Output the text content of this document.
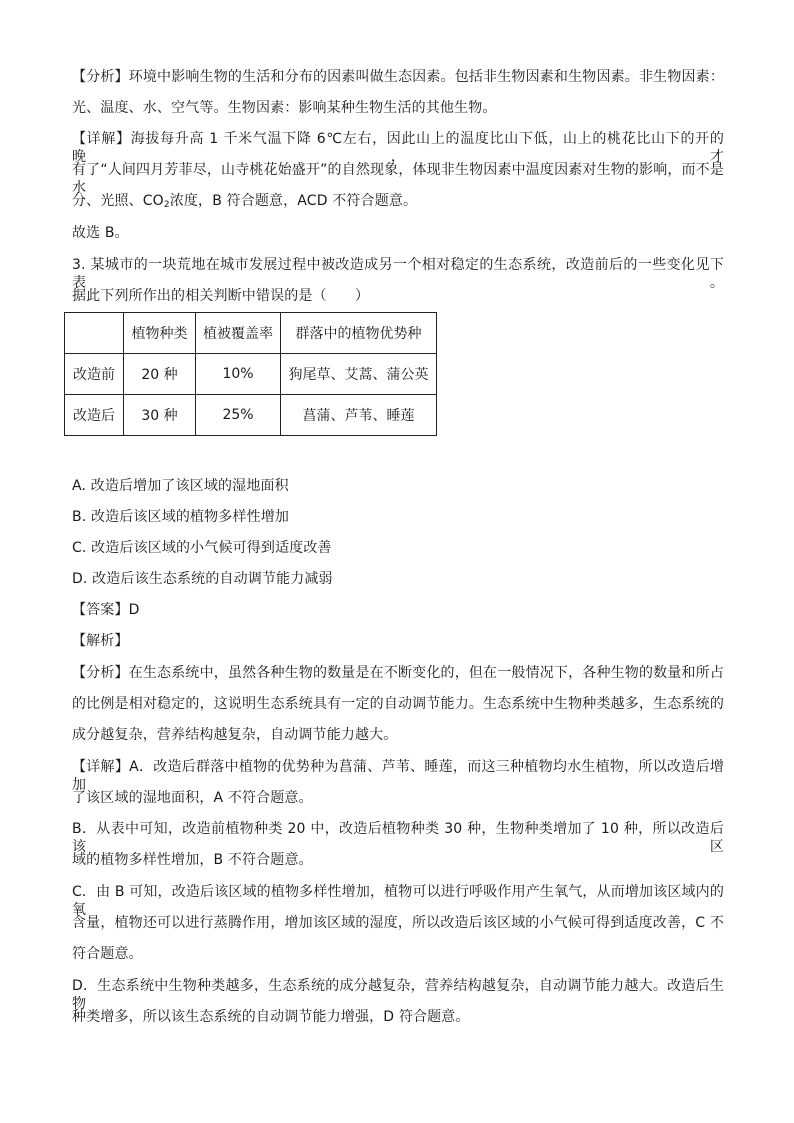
【分析】环境中影响生物的生活和分布的因素叫做生态因素。包括非生物因素和生物因素。非生物因素：
光、温度、水、空气等。生物因素：影响某种生物生活的其他生物。
【详解】海拔每升高 1 千米气温下降 6℃左右，因此山上的温度比山下低，山上的桃花比山下的开的晚，才
有了“人间四月芳菲尽，山寺桃花始盛开”的自然现象，体现非生物因素中温度因素对生物的影响，而不是水
分、光照、$CO_2$浓度，B 符合题意，ACD 不符合题意。
故选 B。
3. 某城市的一块荒地在城市发展过程中被改造成另一个相对稳定的生态系统，改造前后的一些变化见下表。
据此下列所作出的相关判断中错误的是（　　）
	植物种类	植被覆盖率	群落中的植物优势种
改造前	20 种	10%	狗尾草、艾蒿、蒲公英
改造后	30 种	25%	菖蒲、芦苇、睡莲
A. 改造后增加了该区域的湿地面积
B. 改造后该区域的植物多样性增加
C. 改造后该区域的小气候可得到适度改善
D. 改造后该生态系统的自动调节能力减弱
【答案】D
【解析】
【分析】在生态系统中，虽然各种生物的数量是在不断变化的，但在一般情况下，各种生物的数量和所占
的比例是相对稳定的，这说明生态系统具有一定的自动调节能力。生态系统中生物种类越多，生态系统的
成分越复杂，营养结构越复杂，自动调节能力越大。
【详解】A．改造后群落中植物的优势种为菖蒲、芦苇、睡莲，而这三种植物均水生植物，所以改造后增加
了该区域的湿地面积，A 不符合题意。
B．从表中可知，改造前植物种类 20 中，改造后植物种类 30 种，生物种类增加了 10 种，所以改造后该区
域的植物多样性增加，B 不符合题意。
C．由 B 可知，改造后该区域的植物多样性增加，植物可以进行呼吸作用产生氧气，从而增加该区域内的氧
含量，植物还可以进行蒸腾作用，增加该区域的湿度，所以改造后该区域的小气候可得到适度改善，C 不
符合题意。
D．生态系统中生物种类越多，生态系统的成分越复杂，营养结构越复杂，自动调节能力越大。改造后生物
种类增多，所以该生态系统的自动调节能力增强，D 符合题意。
